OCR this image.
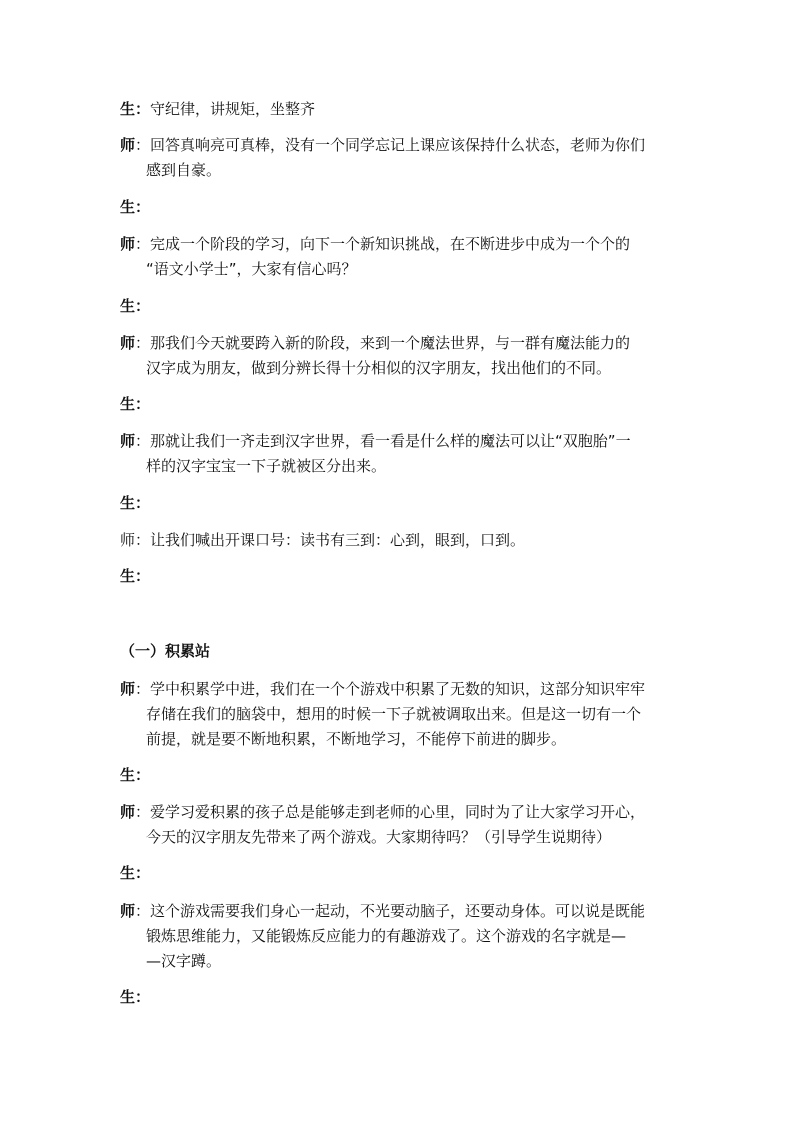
生：守纪律，讲规矩，坐整齐
师：回答真响亮可真棒，没有一个同学忘记上课应该保持什么状态，老师为你们
感到自豪。
生：
师：完成一个阶段的学习，向下一个新知识挑战，在不断进步中成为一个个的
“语文小学士”，大家有信心吗？
生：
师：那我们今天就要跨入新的阶段，来到一个魔法世界，与一群有魔法能力的
汉字成为朋友，做到分辨长得十分相似的汉字朋友，找出他们的不同。
生：
师：那就让我们一齐走到汉字世界，看一看是什么样的魔法可以让“双胞胎”一
样的汉字宝宝一下子就被区分出来。
生：
师：让我们喊出开课口号：读书有三到：心到，眼到，口到。
生：
（一）积累站
师：学中积累学中进，我们在一个个游戏中积累了无数的知识，这部分知识牢牢
存储在我们的脑袋中，想用的时候一下子就被调取出来。但是这一切有一个
前提，就是要不断地积累，不断地学习，不能停下前进的脚步。
生：
师：爱学习爱积累的孩子总是能够走到老师的心里，同时为了让大家学习开心，
今天的汉字朋友先带来了两个游戏。大家期待吗？（引导学生说期待）
生：
师：这个游戏需要我们身心一起动，不光要动脑子，还要动身体。可以说是既能
锻炼思维能力，又能锻炼反应能力的有趣游戏了。这个游戏的名字就是—
—汉字蹲。
生：
